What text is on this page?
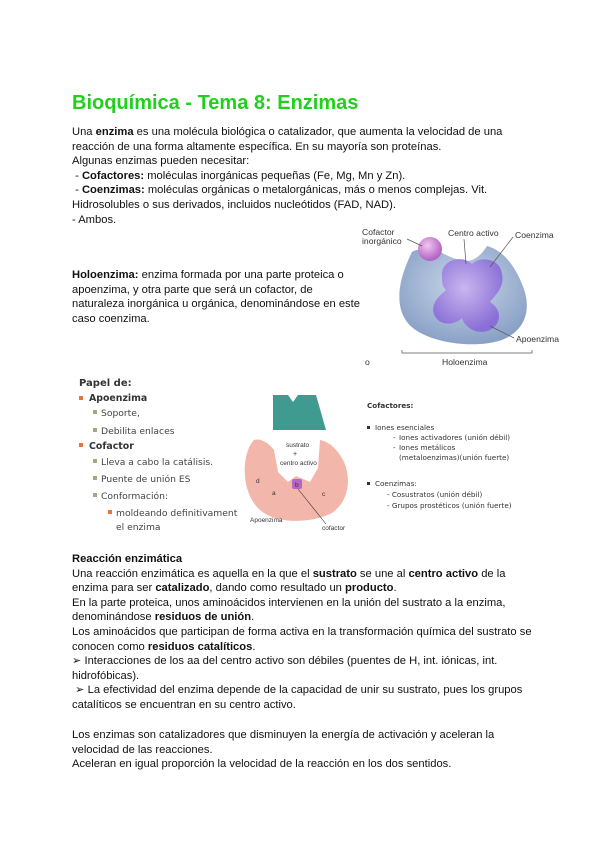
Bioquímica - Tema 8: Enzimas
Una enzima es una molécula biológica o catalizador, que aumenta la velocidad de una reacción de una forma altamente específica. En su mayoría son proteínas.
Algunas enzimas pueden necesitar:
- Cofactores: moléculas inorgánicas pequeñas (Fe, Mg, Mn y Zn).
- Coenzimas: moléculas orgánicas o metalorgánicas, más o menos complejas. Vit. Hidrosolubles o sus derivados, incluidos nucleótidos (FAD, NAD).
- Ambos.
Cofactor
inorgánico
Centro activo Coenzima
Apoenzima
Holoenzima
o
Holoenzima: enzima formada por una parte proteica o apoenzima, y otra parte que será un cofactor, de naturaleza inorgánica u orgánica, denominándose en este caso coenzima.
Papel de:
Apoenzima
Soporte,
Debilita enlaces
Cofactor
Lleva a cabo la catálisis.
Puente de unión ES
Conformación:
moldeando definitivament
el enzima
sustrato
+
centro activo
d
a
b
c
Apoenzima
cofactor
Cofactores:
Iones esenciales
- Iones activadores (unión débil)
- Iones metálicos
(metaloenzimas)(unión fuerte)
Coenzimas:
- Cosustratos (unión débil)
- Grupos prostéticos (unión fuerte)
Reacción enzimática
Una reacción enzimática es aquella en la que el sustrato se une al centro activo de la enzima para ser catalizado, dando como resultado un producto.
En la parte proteica, unos aminoácidos intervienen en la unión del sustrato a la enzima, denominándose residuos de unión.
Los aminoácidos que participan de forma activa en la transformación química del sustrato se conocen como residuos catalíticos.
➢ Interacciones de los aa del centro activo son débiles (puentes de H, int. iónicas, int. hidrofóbicas).
➢ La efectividad del enzima depende de la capacidad de unir su sustrato, pues los grupos catalíticos se encuentran en su centro activo.
Los enzimas son catalizadores que disminuyen la energía de activación y aceleran la velocidad de las reacciones.
Aceleran en igual proporción la velocidad de la reacción en los dos sentidos.
